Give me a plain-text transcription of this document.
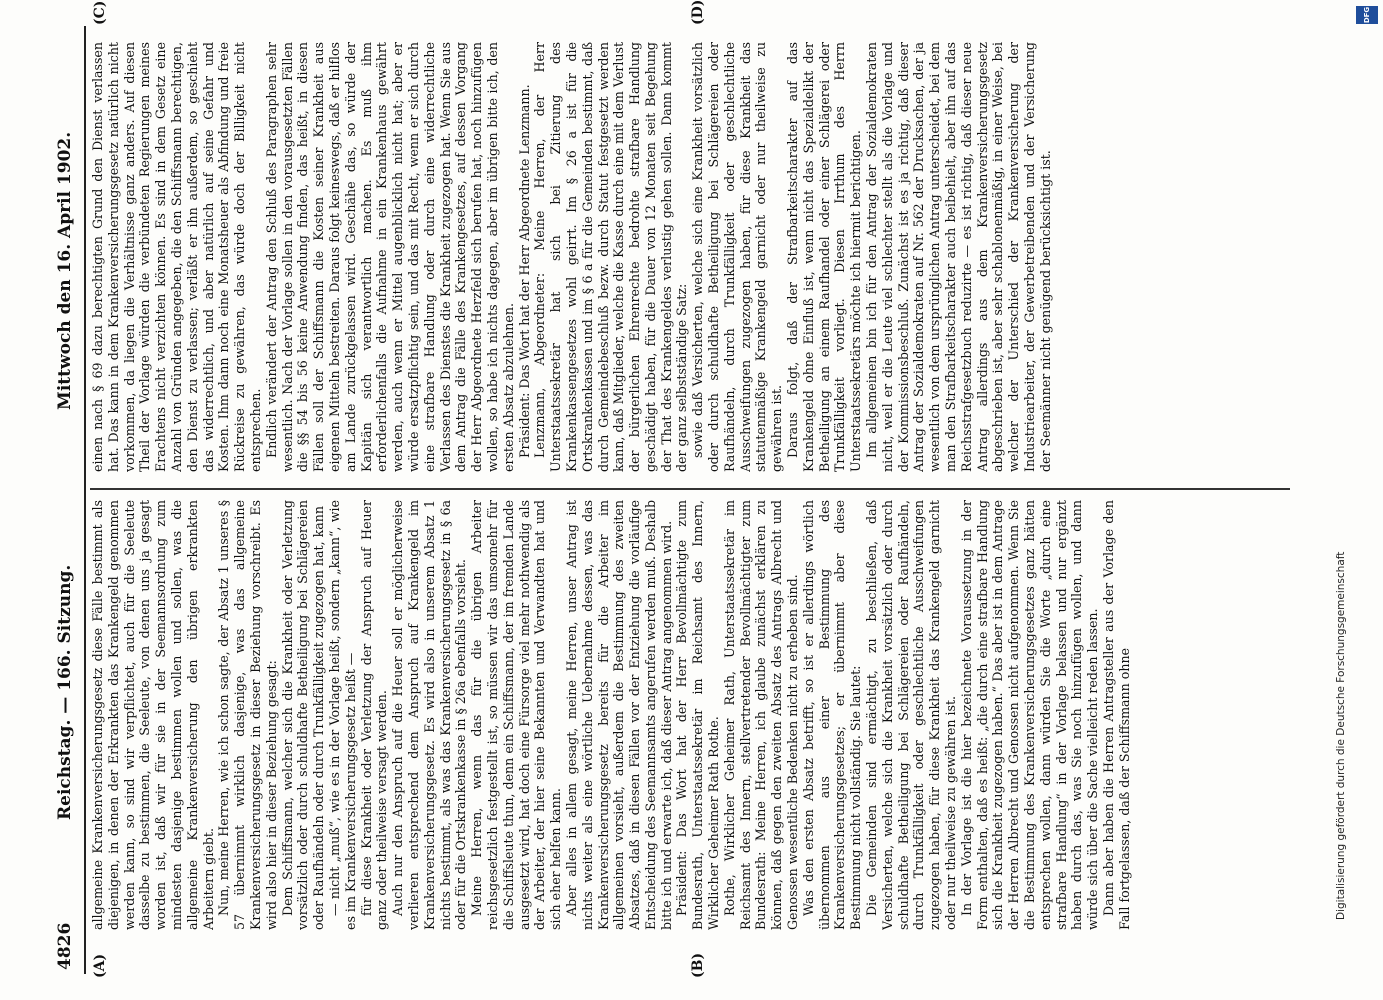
4826
Reichstag. — 166. Sitzung.
Mittwoch den 16. April 1902.
(A)	(B)
(C)	(D)

allgemeine Krankenversicherungsgesetz diese Fälle bestimmt als diejenigen, in denen der Erkrankten das Krankengeld genommen werden kann, so sind wir verpflichtet, auch für die Seeleute dasselbe zu bestimmen, die Seeleute, von denen uns ja gesagt worden ist, daß wir für sie in der Seemannsordnung zum mindesten dasjenige bestimmen wollen und sollen, was die allgemeine Krankenversicherung den übrigen erkrankten Arbeitern giebt. Nun, meine Herren, wie ich schon sagte, der Absatz 1 unseres § 57 übernimmt wirklich dasjenige, was das allgemeine Krankenversicherungsgesetz in dieser Beziehung vorschreibt. Es wird also hier in dieser Beziehung gesagt: Dem Schiffsmann, welcher sich die Krankheit oder Verletzung vorsätzlich oder durch schuldhafte Betheiligung bei Schlägereien oder Raufhändeln oder durch Trunkfälligkeit zugezogen hat, kann — nicht „muß“, wie es in der Vorlage heißt, sondern „kann“, wie es im Krankenversicherungsgesetz heißt — für diese Krankheit oder Verletzung der Anspruch auf Heuer ganz oder theilweise versagt werden. Auch nur den Anspruch auf die Heuer soll er möglicherweise verlieren entsprechend dem Anspruch auf Krankengeld im Krankenversicherungsgesetz. Es wird also in unserem Absatz 1 nichts bestimmt, als was das Krankenversicherungsgesetz in § 6a oder für die Ortskrankenkasse in § 26a ebenfalls vorsieht. Meine Herren, wenn das für die übrigen Arbeiter reichsgesetzlich festgestellt ist, so müssen wir das umsomehr für die Schiffsleute thun, denn ein Schiffsmann, der im fremden Lande ausgesetzt wird, hat doch eine Fürsorge viel mehr nothwendig als der Arbeiter, der hier seine Bekannten und Verwandten hat und sich eher helfen kann. Aber alles in allem gesagt, meine Herren, unser Antrag ist nichts weiter als eine wörtliche Uebernahme dessen, was das Krankenversicherungsgesetz bereits für die Arbeiter im allgemeinen vorsieht, außerdem die Bestimmung des zweiten Absatzes, daß in diesen Fällen vor der Entziehung die vorläufige Entscheidung des Seemannsamts angerufen werden muß. Deshalb bitte ich und erwarte ich, daß dieser Antrag angenommen wird. Präsident: Das Wort hat der Herr Bevollmächtigte zum Bundesrath, Unterstaatssekretär im Reichsamt des Innern, Wirklicher Geheimer Rath Rothe. Rothe, Wirklicher Geheimer Rath, Unterstaatssekretär im Reichsamt des Innern, stellvertretender Bevollmächtigter zum Bundesrath: Meine Herren, ich glaube zunächst erklären zu können, daß gegen den zweiten Absatz des Antrags Albrecht und Genossen wesentliche Bedenken nicht zu erheben sind. Was den ersten Absatz betrifft, so ist er allerdings wörtlich übernommen aus einer Bestimmung des Krankenversicherungsgesetzes; er übernimmt aber diese Bestimmung nicht vollständig. Sie lautet: Die Gemeinden sind ermächtigt, zu beschließen, daß Versicherten, welche sich die Krankheit vorsätzlich oder durch schuldhafte Betheiligung bei Schlägereien oder Raufhändeln, durch Trunkfälligkeit oder geschlechtliche Ausschweifungen zugezogen haben, für diese Krankheit das Krankengeld garnicht oder nur theilweise zu gewähren ist. In der Vorlage ist die hier bezeichnete Voraussetzung in der Form enthalten, daß es heißt: „die durch eine strafbare Handlung sich die Krankheit zugezogen haben.“ Das aber ist in dem Antrage der Herren Albrecht und Genossen nicht aufgenommen. Wenn Sie die Bestimmung des Krankenversicherungsgesetzes ganz hätten entsprechen wollen, dann würden Sie die Worte „durch eine strafbare Handlung“ in der Vorlage belassen und nur ergänzt haben durch das, was Sie noch hinzufügen wollen, und dann würde sich über die Sache vielleicht reden lassen. Dann aber haben die Herren Antragsteller aus der Vorlage den Fall fortgelassen, daß der Schiffsmann ohne

einen nach § 69 dazu berechtigten Grund den Dienst verlassen hat. Das kann in dem Krankenversicherungsgesetz natürlich nicht vorkommen, da liegen die Verhältnisse ganz anders. Auf diesen Theil der Vorlage würden die verbündeten Regierungen meines Erachtens nicht verzichten können. Es sind in dem Gesetz eine Anzahl von Gründen angegeben, die den Schiffsmann berechtigen, den Dienst zu verlassen; verläßt er ihn außerdem, so geschieht das widerrechtlich, und aber natürlich auf seine Gefahr und Kosten. Ihm dann noch eine Monatsheuer als Abfindung und freie Rückreise zu gewähren, das würde doch der Billigkeit nicht entsprechen. Endlich verändert der Antrag den Schluß des Paragraphen sehr wesentlich. Nach der Vorlage sollen in den vorausgesetzten Fällen die §§ 54 bis 56 keine Anwendung finden, das heißt, in diesen Fällen soll der Schiffsmann die Kosten seiner Krankheit aus eigenen Mitteln bestreiten. Daraus folgt keineswegs, daß er hilflos am Lande zurückgelassen wird. Geschähe das, so würde der Kapitän sich verantwortlich machen. Es muß ihm erforderlichenfalls die Aufnahme in ein Krankenhaus gewährt werden, auch wenn er Mittel augenblicklich nicht hat; aber er würde ersatzpflichtig sein, und das mit Recht, wenn er sich durch eine strafbare Handlung oder durch eine widerrechtliche Verlassen des Dienstes die Krankheit zugezogen hat. Wenn Sie aus dem Antrag die Fälle des Krankengesetzes, auf dessen Vorgang der Herr Abgeordnete Herzfeld sich berufen hat, noch hinzufügen wollen, so habe ich nichts dagegen, aber im übrigen bitte ich, den ersten Absatz abzulehnen. Präsident: Das Wort hat der Herr Abgeordnete Lenzmann. Lenzmann, Abgeordneter: Meine Herren, der Herr Unterstaatssekretär hat sich bei Zitierung des Krankenkassengesetzes wohl geirrt. Im § 26 a ist für die Ortskrankenkassen und im § 6 a für die Gemeinden bestimmt, daß durch Gemeindebeschluß bezw. durch Statut festgesetzt werden kann, daß Mitglieder, welche die Kasse durch eine mit dem Verlust der bürgerlichen Ehrenrechte bedrohte strafbare Handlung geschädigt haben, für die Dauer von 12 Monaten seit Begehung der That des Krankengeldes verlustig gehen sollen. Dann kommt der ganz selbstständige Satz: sowie daß Versicherten, welche sich eine Krankheit vorsätzlich oder durch schuldhafte Betheiligung bei Schlägereien oder Raufhändeln, durch Trunkfälligkeit oder geschlechtliche Ausschweifungen zugezogen haben, für diese Krankheit das statutenmäßige Krankengeld garnicht oder nur theilweise zu gewähren ist. Daraus folgt, daß der Strafbarkeitscharakter auf das Krankengeld ohne Einfluß ist, wenn nicht das Spezialdelikt der Betheiligung an einem Raufhandel oder einer Schlägerei oder Trunkfälligkeit vorliegt. Diesen Irrthum des Herrn Unterstaatssekretärs möchte ich hiermit berichtigen. Im allgemeinen bin ich für den Antrag der Sozialdemokraten nicht, weil er die Leute viel schlechter stellt als die Vorlage und der Kommissionsbeschluß. Zunächst ist es ja richtig, daß dieser Antrag der Sozialdemokraten auf Nr. 562 der Drucksachen, der ja wesentlich von dem ursprünglichen Antrag unterscheidet, bei dem man den Strafbarkeitscharakter auch beibehielt, aber ihn auf das Reichsstrafgesetzbuch reduzirte — es ist richtig, daß dieser neue Antrag allerdings aus dem Krankenversicherungsgesetz abgeschrieben ist, aber sehr schablonenmäßig, in einer Weise, bei welcher der Unterschied der Krankenversicherung der Industriearbeiter, der Gewerbetreibenden und der Versicherung der Seemänner nicht genügend berücksichtigt ist.

Digitalisierung gefördert durch die Deutsche Forschungsgemeinschaft
DFG
